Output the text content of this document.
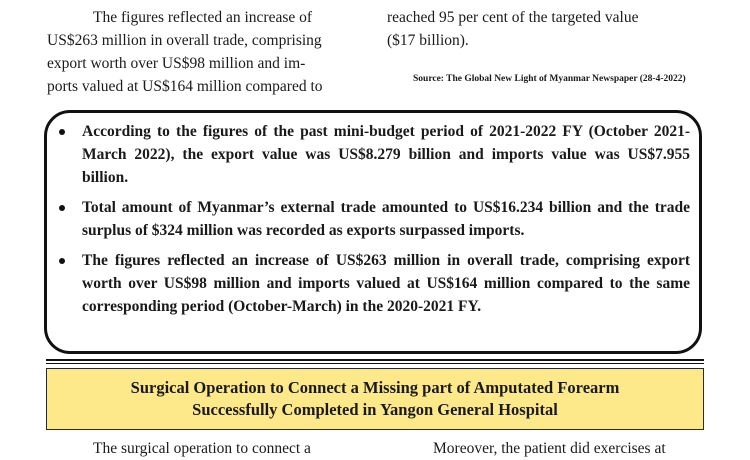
The figures reflected an increase of

US$263 million in overall trade, comprising

export worth over US$98 million and im-

ports valued at US$164 million compared to

reached 95 per cent of the targeted value

($17 billion).

Source: The Global New Light of Myanmar Newspaper (28-4-2022)
According to the figures of the past mini-budget period of 2021-2022 FY (October 2021-March 2022), the export value was US$8.279 billion and imports value was US$7.955 billion.
Total amount of Myanmar’s external trade amounted to US$16.234 billion and the trade surplus of $324 million was recorded as exports surpassed imports.
The figures reflected an increase of US$263 million in overall trade, comprising export worth over US$98 million and imports valued at US$164 million compared to the same corresponding period (October-March) in the 2020-2021 FY.
Surgical Operation to Connect a Missing part of Amputated Forearm
Successfully Completed in Yangon General Hospital

The surgical operation to connect a	Moreover, the patient did exercises at
